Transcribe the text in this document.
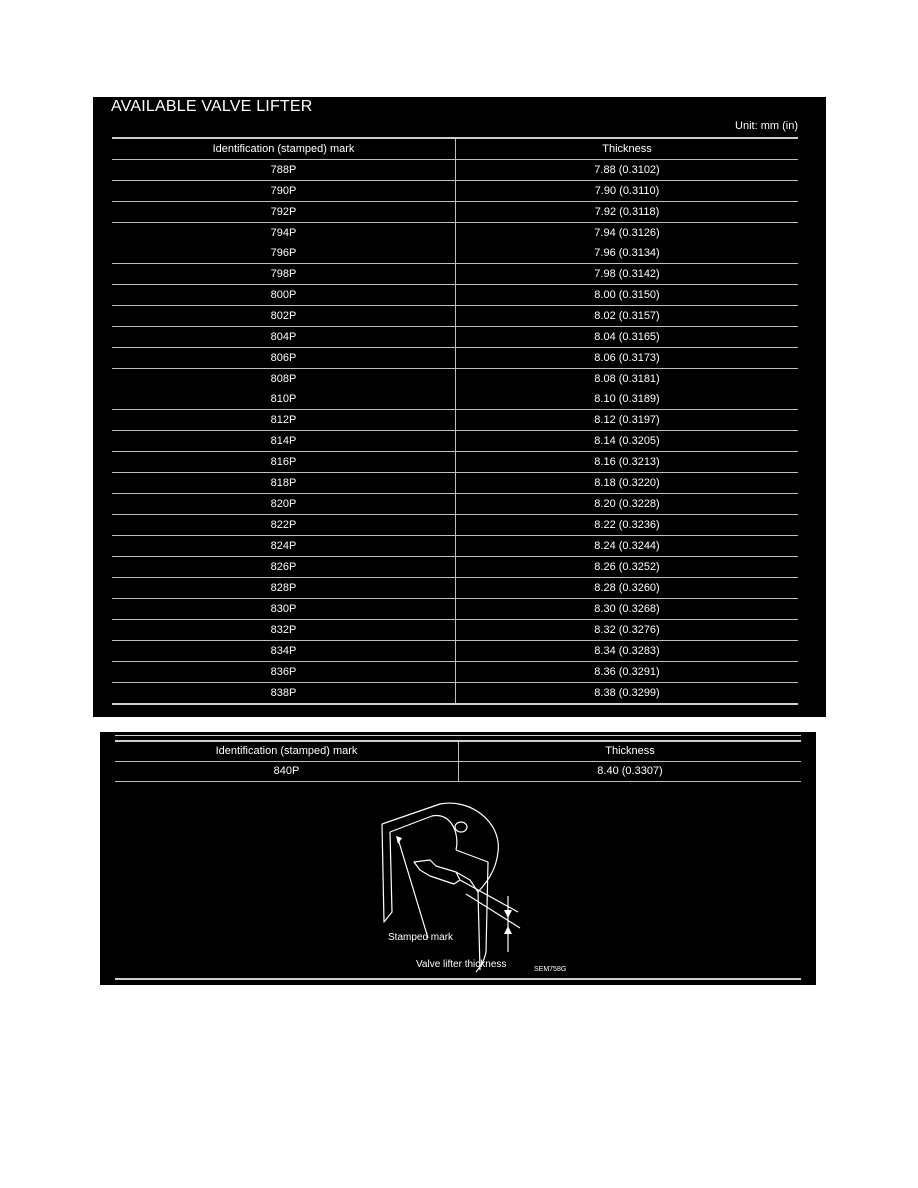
AVAILABLE VALVE LIFTER
Unit: mm (in)
Identification (stamped) mark	Thickness
788P	7.88 (0.3102)
790P	7.90 (0.3110)
792P	7.92 (0.3118)
794P	7.94 (0.3126)
796P	7.96 (0.3134)
798P	7.98 (0.3142)
800P	8.00 (0.3150)
802P	8.02 (0.3157)
804P	8.04 (0.3165)
806P	8.06 (0.3173)
808P	8.08 (0.3181)
810P	8.10 (0.3189)
812P	8.12 (0.3197)
814P	8.14 (0.3205)
816P	8.16 (0.3213)
818P	8.18 (0.3220)
820P	8.20 (0.3228)
822P	8.22 (0.3236)
824P	8.24 (0.3244)
826P	8.26 (0.3252)
828P	8.28 (0.3260)
830P	8.30 (0.3268)
832P	8.32 (0.3276)
834P	8.34 (0.3283)
836P	8.36 (0.3291)
838P	8.38 (0.3299)
Identification (stamped) mark	Thickness
840P	8.40 (0.3307)
Stamped mark
Valve lifter thickness	SEM758G
